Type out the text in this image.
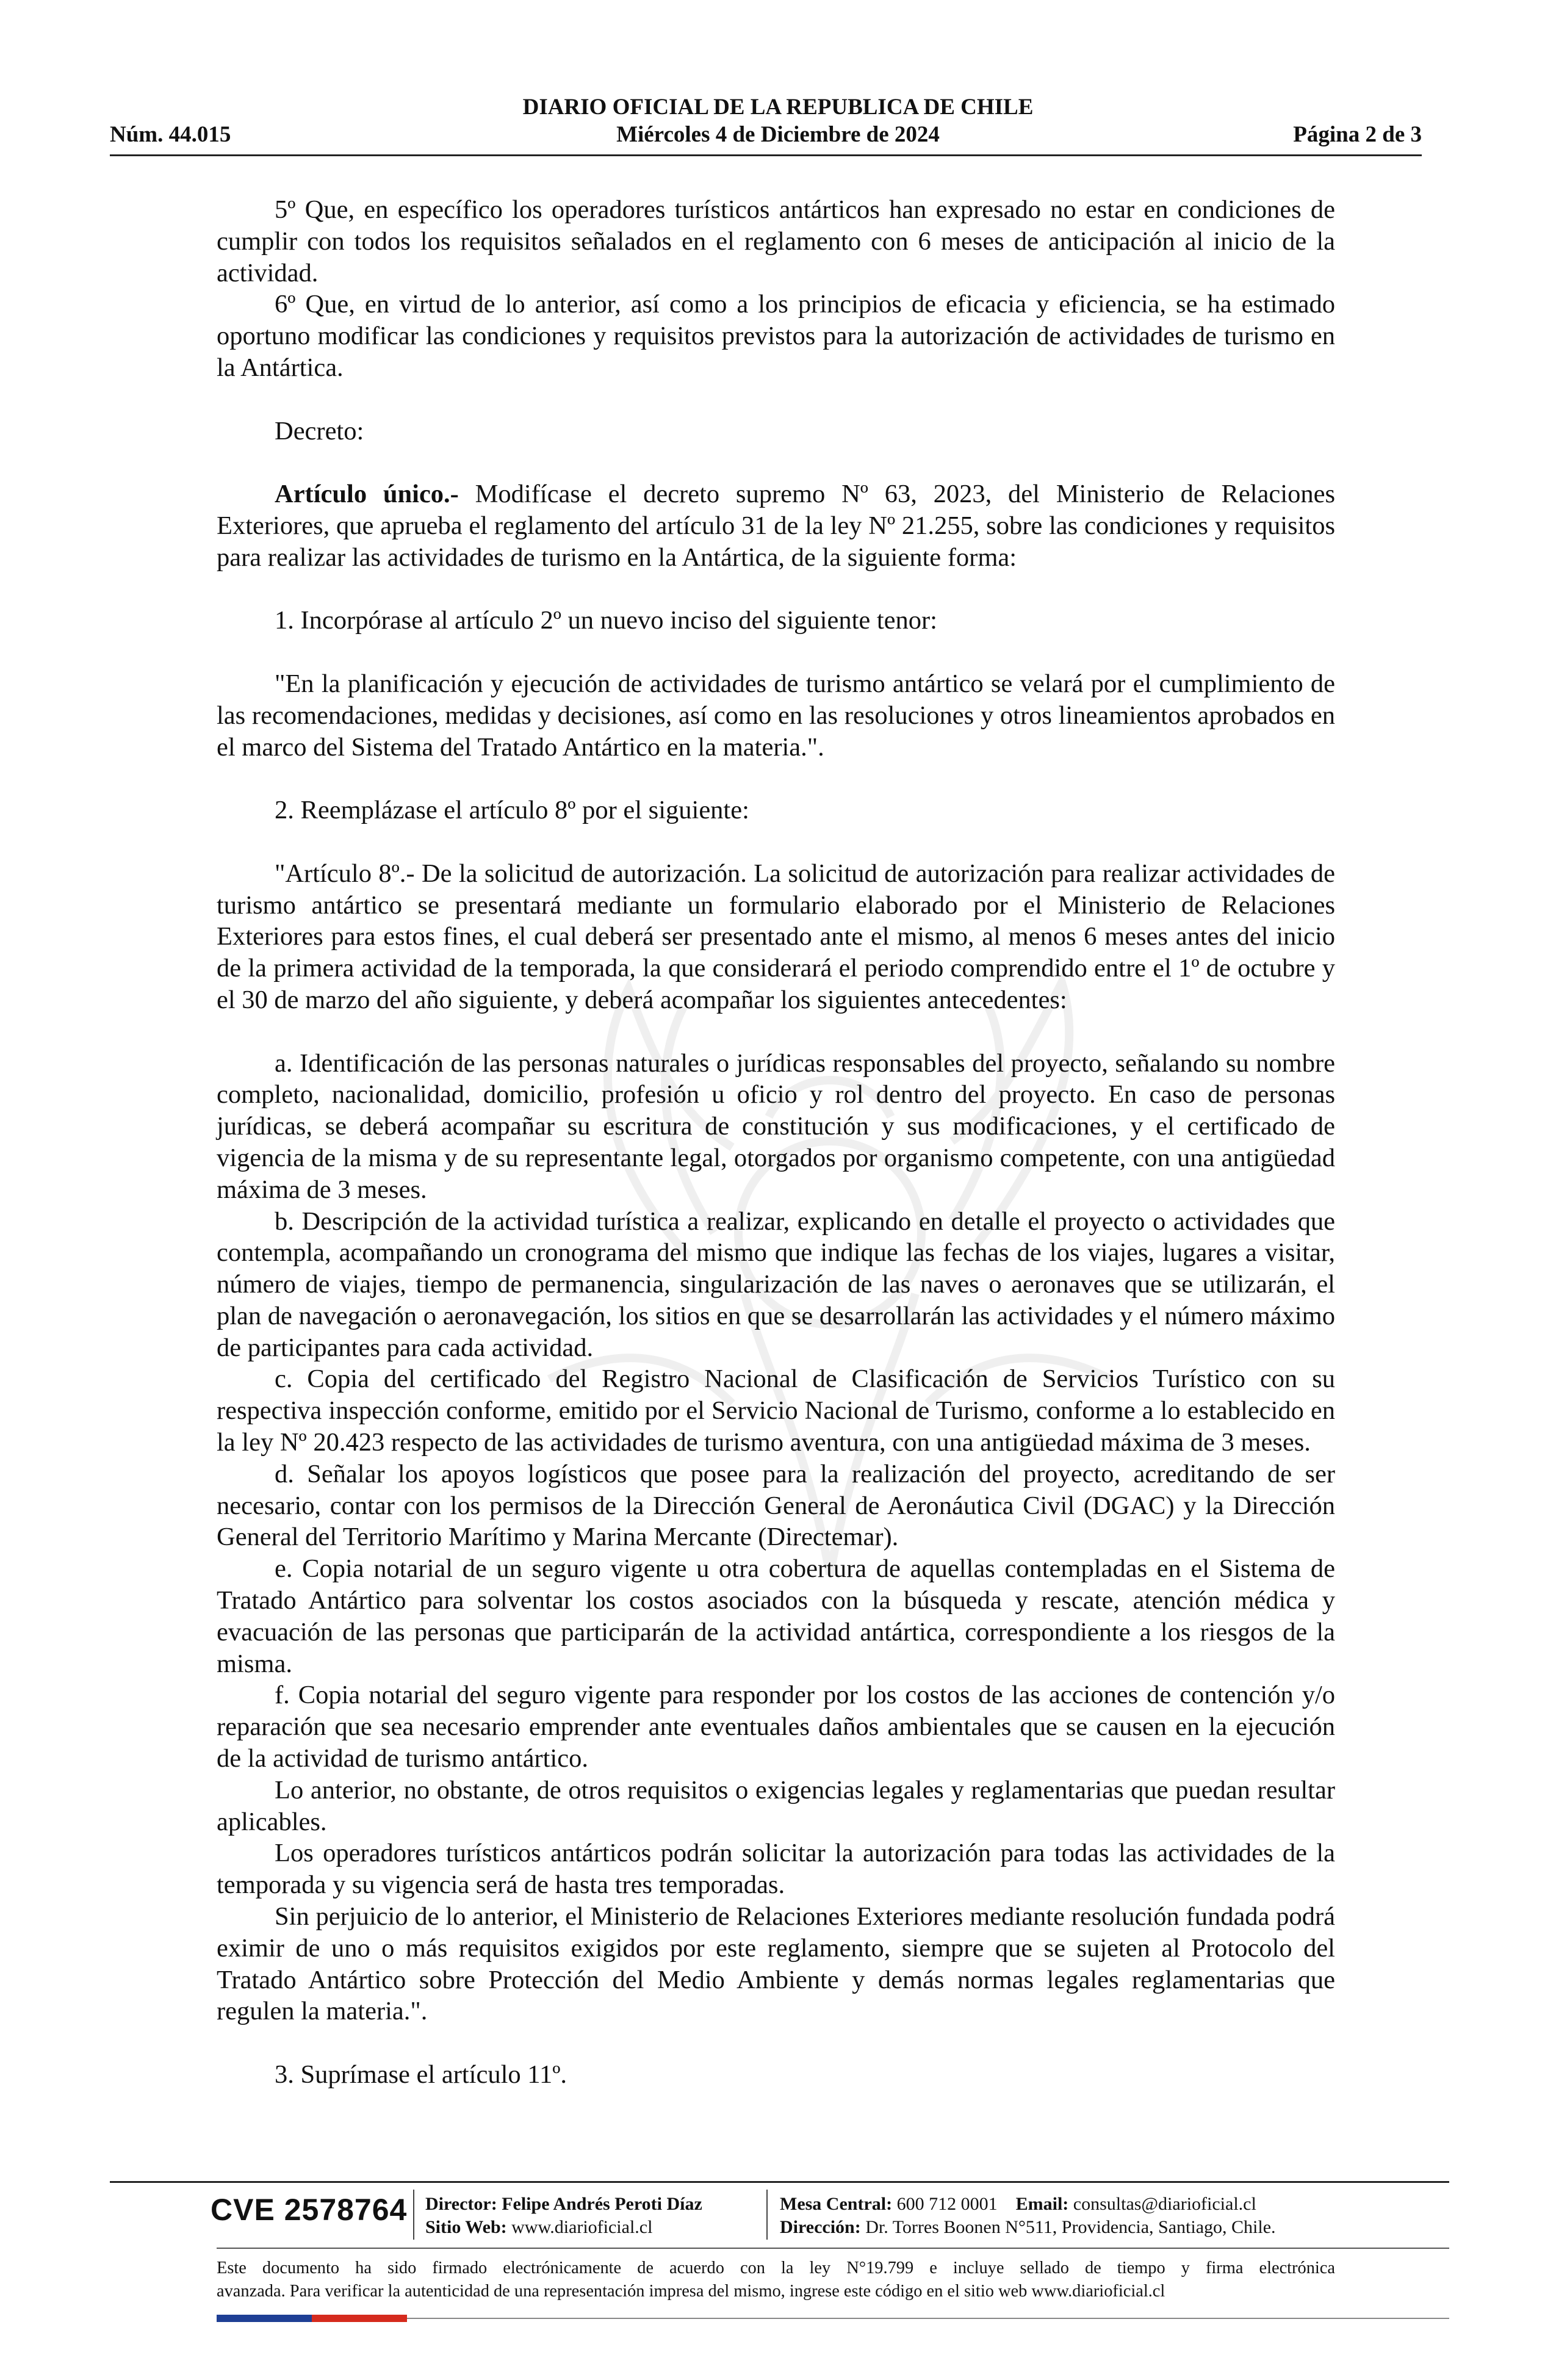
DIARIO OFICIAL DE LA REPUBLICA DE CHILE
Núm. 44.015	Miércoles 4 de Diciembre de 2024	Página 2 de 3

5º Que, en específico los operadores turísticos antárticos han expresado no estar en condiciones de cumplir con todos los requisitos señalados en el reglamento con 6 meses de anticipación al inicio de la actividad.

6º Que, en virtud de lo anterior, así como a los principios de eficacia y eficiencia, se ha estimado oportuno modificar las condiciones y requisitos previstos para la autorización de actividades de turismo en la Antártica.

Decreto:

Artículo único.- Modifícase el decreto supremo Nº 63, 2023, del Ministerio de Relaciones Exteriores, que aprueba el reglamento del artículo 31 de la ley Nº 21.255, sobre las condiciones y requisitos para realizar las actividades de turismo en la Antártica, de la siguiente forma:

1. Incorpórase al artículo 2º un nuevo inciso del siguiente tenor:

"En la planificación y ejecución de actividades de turismo antártico se velará por el cumplimiento de las recomendaciones, medidas y decisiones, así como en las resoluciones y otros lineamientos aprobados en el marco del Sistema del Tratado Antártico en la materia.".

2. Reemplázase el artículo 8º por el siguiente:

"Artículo 8º.- De la solicitud de autorización. La solicitud de autorización para realizar actividades de turismo antártico se presentará mediante un formulario elaborado por el Ministerio de Relaciones Exteriores para estos fines, el cual deberá ser presentado ante el mismo, al menos 6 meses antes del inicio de la primera actividad de la temporada, la que considerará el periodo comprendido entre el 1º de octubre y el 30 de marzo del año siguiente, y deberá acompañar los siguientes antecedentes:

a. Identificación de las personas naturales o jurídicas responsables del proyecto, señalando su nombre completo, nacionalidad, domicilio, profesión u oficio y rol dentro del proyecto. En caso de personas jurídicas, se deberá acompañar su escritura de constitución y sus modificaciones, y el certificado de vigencia de la misma y de su representante legal, otorgados por organismo competente, con una antigüedad máxima de 3 meses.

b. Descripción de la actividad turística a realizar, explicando en detalle el proyecto o actividades que contempla, acompañando un cronograma del mismo que indique las fechas de los viajes, lugares a visitar, número de viajes, tiempo de permanencia, singularización de las naves o aeronaves que se utilizarán, el plan de navegación o aeronavegación, los sitios en que se desarrollarán las actividades y el número máximo de participantes para cada actividad.

c. Copia del certificado del Registro Nacional de Clasificación de Servicios Turístico con su respectiva inspección conforme, emitido por el Servicio Nacional de Turismo, conforme a lo establecido en la ley Nº 20.423 respecto de las actividades de turismo aventura, con una antigüedad máxima de 3 meses.

d. Señalar los apoyos logísticos que posee para la realización del proyecto, acreditando de ser necesario, contar con los permisos de la Dirección General de Aeronáutica Civil (DGAC) y la Dirección General del Territorio Marítimo y Marina Mercante (Directemar).

e. Copia notarial de un seguro vigente u otra cobertura de aquellas contempladas en el Sistema de Tratado Antártico para solventar los costos asociados con la búsqueda y rescate, atención médica y evacuación de las personas que participarán de la actividad antártica, correspondiente a los riesgos de la misma.

f. Copia notarial del seguro vigente para responder por los costos de las acciones de contención y/o reparación que sea necesario emprender ante eventuales daños ambientales que se causen en la ejecución de la actividad de turismo antártico.

Lo anterior, no obstante, de otros requisitos o exigencias legales y reglamentarias que puedan resultar aplicables.

Los operadores turísticos antárticos podrán solicitar la autorización para todas las actividades de la temporada y su vigencia será de hasta tres temporadas.

Sin perjuicio de lo anterior, el Ministerio de Relaciones Exteriores mediante resolución fundada podrá eximir de uno o más requisitos exigidos por este reglamento, siempre que se sujeten al Protocolo del Tratado Antártico sobre Protección del Medio Ambiente y demás normas legales reglamentarias que regulen la materia.".

3. Suprímase el artículo 11º.

CVE 2578764 Director: Felipe Andrés Peroti Díaz
Sitio Web: www.diarioficial.cl
Mesa Central: 600 712 0001 Email: consultas@diarioficial.cl
Dirección: Dr. Torres Boonen N°511, Providencia, Santiago, Chile.
Este documento ha sido firmado electrónicamente de acuerdo con la ley N°19.799 e incluye sellado de tiempo y firma electrónica
avanzada. Para verificar la autenticidad de una representación impresa del mismo, ingrese este código en el sitio web www.diarioficial.cl
